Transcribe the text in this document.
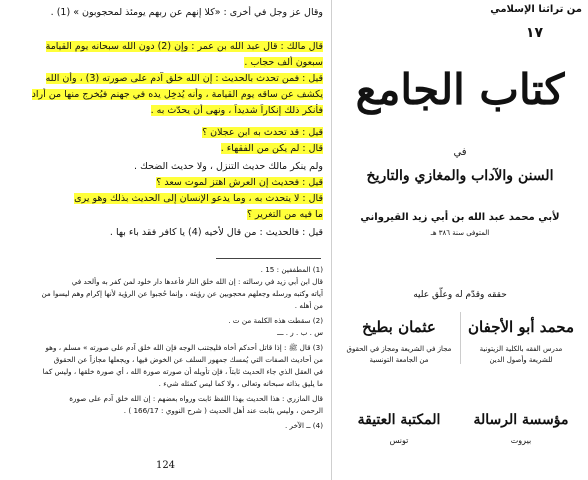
وقال عز وجل في أخرى : «كلا إنهم عن ربهم يومئذ لمحجوبون » (1) .
قال مالك : قال عبد الله بن عمر : وإن (2) دون الله سبحانه يوم القيامة
سبعون ألف حجاب .
قيل : فمن تحدث بالحديث : إن الله خلق آدم على صورته (3) ، وأن الله
يكشف عن ساقه يوم القيامة ، وأنه يُدخِل يده في جهنم فيُخرج منها من أراد
فأنكر ذلك إنكاراً شديداً ، ونهى أن يحدّث به .
قيل : قد تحدث به ابن عجلان ؟
قال : لم يكن من الفقهاء .
ولم ينكر مالك حديث التنزل ، ولا حديث الضحك .
قيل : فحديث إن العرش اهتز لموت سعد ؟
قال : لا يتحدث به ، وما يدعو الإنسان إلى الحديث بذلك وهو يرى
ما فيه من التغرير ؟
قيل : فالحديث : من قال لأخيه (4) يا كافر فقد باء بها .
(1) المطففين : 15 .
قال ابن أبي زيد في رسالته : إن الله خلق النار فأعدها دار خلود لمن كفر به وألحد في
آياته وكتبه ورسله وجعلهم محجوبين عن رؤيته ، وإنما حُجبوا عن الرؤية لأنها إكرام وهم ليسوا من
من أهله .
(2) سقطت هذه الكلمة من ت .
س . ب . ر . ـــ
(3) قال ﷺ : إذا قاتل أحدكم أخاه فليجتنب الوجه فإن الله خلق آدم على صورته » مسلم ، وهو
من أحاديث الصفات التي يُمسك جمهور السلف عن الخوض فيها ، ويجعلها مجازاً عن الحقوق
في العقل الذي جاء الحديث ثابتاً ، فإن تأويله أن صورته صورة الله ، أي صورة خلقها ، وليس كما
ما يليق بذاته سبحانه وتعالى ، ولا كما ليس كمثله شيء .
قال المازري : هذا الحديث بهذا اللفظ ثابت ورواه بعضهم : إن الله خلق آدم على صورة
الرحمن ، وليس بثابت عند أهل الحديث ( شرح النووي : 166/17 ) .
(4) ــ الآخر .
124
من تراثنا الإسلامي
١٧
كتاب الجامع
في
السنن والآداب والمغازي والتاريخ
لأبي محمد عبد الله بن أبي زيد القيرواني
المتوفى سنة ٣٨٦ هـ
حققه وقدّم له وعلّق عليه
عثمان بطيخ
مجاز في الشريعة ومجاز في الحقوق
من الجامعة التونسية
محمد أبو الأجفان
مدرس الفقه بالكلية الزيتونية
للشريعة وأصول الدين
المكتبة العتيقة
تونس
مؤسسة الرسالة
بيروت
